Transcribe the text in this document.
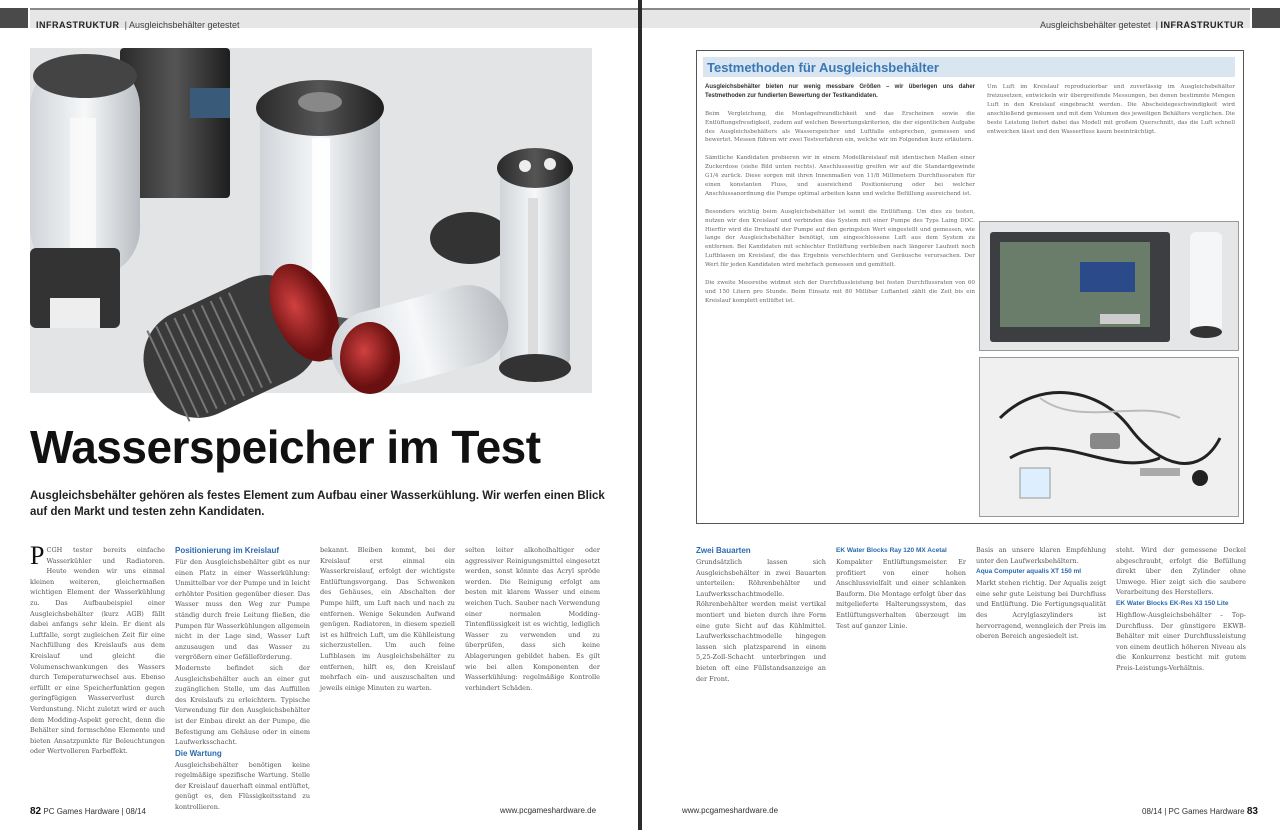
INFRASTRUKTUR | Ausgleichsbehälter getestet
Wasserspeicher im Test
Ausgleichsbehälter gehören als festes Element zum Aufbau einer Wasserkühlung. Wir werfen einen Blick auf den Markt und testen zehn Kandidaten.
P CGH tester bereits einfache Wasserkühler und Radiatoren. Heute wenden wir uns einmal kleinen weiteren, gleichermaßen wichtigen Element der Wasserkühlung zu. Das Aufbaubeispiel einer Ausgleichsbehälter (kurz AGB) fällt dabei anfangs sehr klein. Er dient als Luftfalle, sorgt zugleichen Zeit für eine Nachfüllung des Kreislaufs aus dem Kreislauf und gleicht die Volumenschwankungen des Wassers durch Temperaturwechsel aus. Ebenso erfüllt er eine Speicherfunktion gegen geringfügigen Wasserverlust durch Verdunstung. Nicht zuletzt wird er auch dem Modding-Aspekt gerecht, denn die Behälter sind formschöne Elemente und bieten Ansatzpunkte für Beleuchtungen oder Wertvolleren Farbeffekt.
Positionierung im Kreislauf
Für den Ausgleichsbehälter gibt es nur einen Platz in einer Wasserkühlung: Unmittelbar vor der Pumpe und in leicht erhöhter Position gegenüber dieser. Das Wasser muss den Weg zur Pumpe ständig durch freie Leitung fließen, die Pumpen für Wasserkühlungen allgemein nicht in der Lage sind, Wasser Luft anzusaugen und das Wasser zu vergrößern einer Gefälleförderung.
Modernste befindet sich der Ausgleichsbehälter auch an einer gut zugänglichen Stelle, um das Auffüllen des Kreislaufs zu erleichtern. Typische Verwendung für den Ausgleichsbehälter ist der Einbau direkt an der Pumpe, die Befestigung am Gehäuse oder in einem Laufwerksschacht.
Die Wartung
Ausgleichsbehälter benötigen keine regelmäßige spezifische Wartung. Stelle der Kreislauf dauerhaft einmal entlüftet, genügt es, den Flüssigkeitsstand zu kontrollieren.
bekannt. Bleiben kommt, bei der Kreislauf erst einmal ein Wasserkreislauf, erfolgt der wichtigste Entlüftungsvorgang. Das Schwenken des Gehäuses, ein Abschalten der Pumpe hilft, um Luft nach und nach zu entfernen. Wenige Sekunden Aufwand genügen. Radiatoren, in diesem speziell ist es hilfreich Luft, um die Kühlleistung sicherzustellen. Um auch feine Luftblasen im Ausgleichsbehälter zu entfernen, hilft es, den Kreislauf mehrfach ein- und auszuschalten und jeweils einige Minuten zu warten.
selten leiter alkoholhaltiger oder aggressiver Reinigungsmittel eingesetzt werden, sonst könnte das Acryl spröde werden. Die Reinigung erfolgt am besten mit klarem Wasser und einem weichen Tuch. Sauber nach Verwendung einer normalen Modding-Tintenflüssigkeit ist es wichtig, lediglich Wasser zu verwenden und zu überprüfen, dass sich keine Ablagerungen gebildet haben. Es gilt wie bei allen Komponenten der Wasserkühlung: regelmäßige Kontrolle verhindert Schäden.
82 PC Games Hardware | 08/14	www.pcgameshardware.de
Ausgleichsbehälter getestet | INFRASTRUKTUR
Testmethoden für Ausgleichsbehälter
Ausgleichsbehälter bieten nur wenig messbare Größen – wir überlegen uns daher Testmethoden zur fundierten Bewertung der Testkandidaten.

Beim Vergleichung, die Montagefreundlichkeit und das Erscheinen sowie die Entlüftungsfreudigkeit, zudem auf welchen Bewertungskriterien, die der eigentlichen Aufgabe des Ausgleichsbehälters als Wasserspeicher und Luftfalle entsprechen, gemessen und bewertet. Messen führen wir zwei Testverfahren ein, welche wir im Folgenden kurz erläutern.

Sämtliche Kandidaten probieren wir in einem Modellkreislauf mit identischen Maßen einer Zuckerdose (siehe Bild unten rechts). Anschlussseitig greifen wir auf die Standardgewinde G1/4 zurück. Diese sorgen mit ihren Innenmaßen von 11/8 Millimetern Durchflussraten für einen konstanten Fluss, und ausreichend Positionierung oder bei welcher Anschlussanordnung die Pumpe optimal arbeiten kann und welche Befüllung ausreichend ist.

Besonders wichtig beim Ausgleichsbehälter ist somit die Entlüftung. Um dies zu testen, nutzen wir den Kreislauf und verbinden das System mit einer Pumpe des Typs Laing DDC. Hierfür wird die Drehzahl der Pumpe auf den geringsten Wert eingestellt und gemessen, wie lange der Ausgleichsbehälter benötigt, um eingeschlossene Luft aus dem System zu entfernen. Bei Kandidaten mit schlechter Entlüftung verbleiben nach längerer Laufzeit noch Luftblasen im Kreislauf, die das Ergebnis verschlechtern und Geräusche verursachen. Der Wert für jeden Kandidaten wird mehrfach gemessen und gemittelt.

Die zweite Messreihe widmet sich der Durchflussleistung bei festen Durchflussraten von 60 und 150 Litern pro Stunde. Beim Einsatz mit 80 Millibar Luftanteil zählt die Zeit bis ein Kreislauf komplett entlüftet ist.
Um Luft im Kreislauf reproduzierbar und zuverlässig im Ausgleichsbehälter freizusetzen, entwickeln wir übergreifende Messungen, bei denen bestimmte Mengen Luft in den Kreislauf eingebracht werden. Die Abscheidegeschwindigkeit wird anschließend gemessen und mit dem Volumen des jeweiligen Behälters verglichen. Die beste Leistung liefert dabei das Modell mit großem Querschnitt, das die Luft schnell entweichen lässt und den Wasserfluss kaum beeinträchtigt.
Zwei Bauarten
Grundsätzlich lassen sich Ausgleichsbehälter in zwei Bauarten unterteilen: Röhrenbehälter und Laufwerksschachtmodelle. Röhrenbehälter werden meist vertikal montiert und bieten durch ihre Form eine gute Sicht auf das Kühlmittel. Laufwerksschachtmodelle hingegen lassen sich platzsparend in einem 5,25-Zoll-Schacht unterbringen und bieten oft eine Füllstandsanzeige an der Front.
EK Water Blocks Ray 120 MX Acetal
Kompakter Entlüftungsmeister. Er profitiert von einer hohen Anschlussvielfalt und einer schlanken Bauform. Die Montage erfolgt über das mitgelieferte Halterungssystem, das Entlüftungsverhalten überzeugt im Test auf ganzer Linie.
Basis an unsere klaren Empfehlung unter den Laufwerksbehältern.
Aqua Computer aqualis XT 150 ml
Markt stehen richtig. Der Aqualis zeigt eine sehr gute Leistung bei Durchfluss und Entlüftung. Die Fertigungsqualität des Acrylglaszylinders ist hervorragend, wenngleich der Preis im oberen Bereich angesiedelt ist.
steht. Wird der gemessene Deckel abgeschraubt, erfolgt die Befüllung direkt über den Zylinder ohne Umwege. Hier zeigt sich die saubere Verarbeitung des Herstellers.
EK Water Blocks EK-Res X3 150 Lite
Highflow-Ausgleichsbehälter – Top-Durchfluss. Der günstigere EKWB-Behälter mit einer Durchflussleistung von einem deutlich höheren Niveau als die Konkurrenz besticht mit gutem Preis-Leistungs-Verhältnis.
www.pcgameshardware.de	08/14 | PC Games Hardware 83
